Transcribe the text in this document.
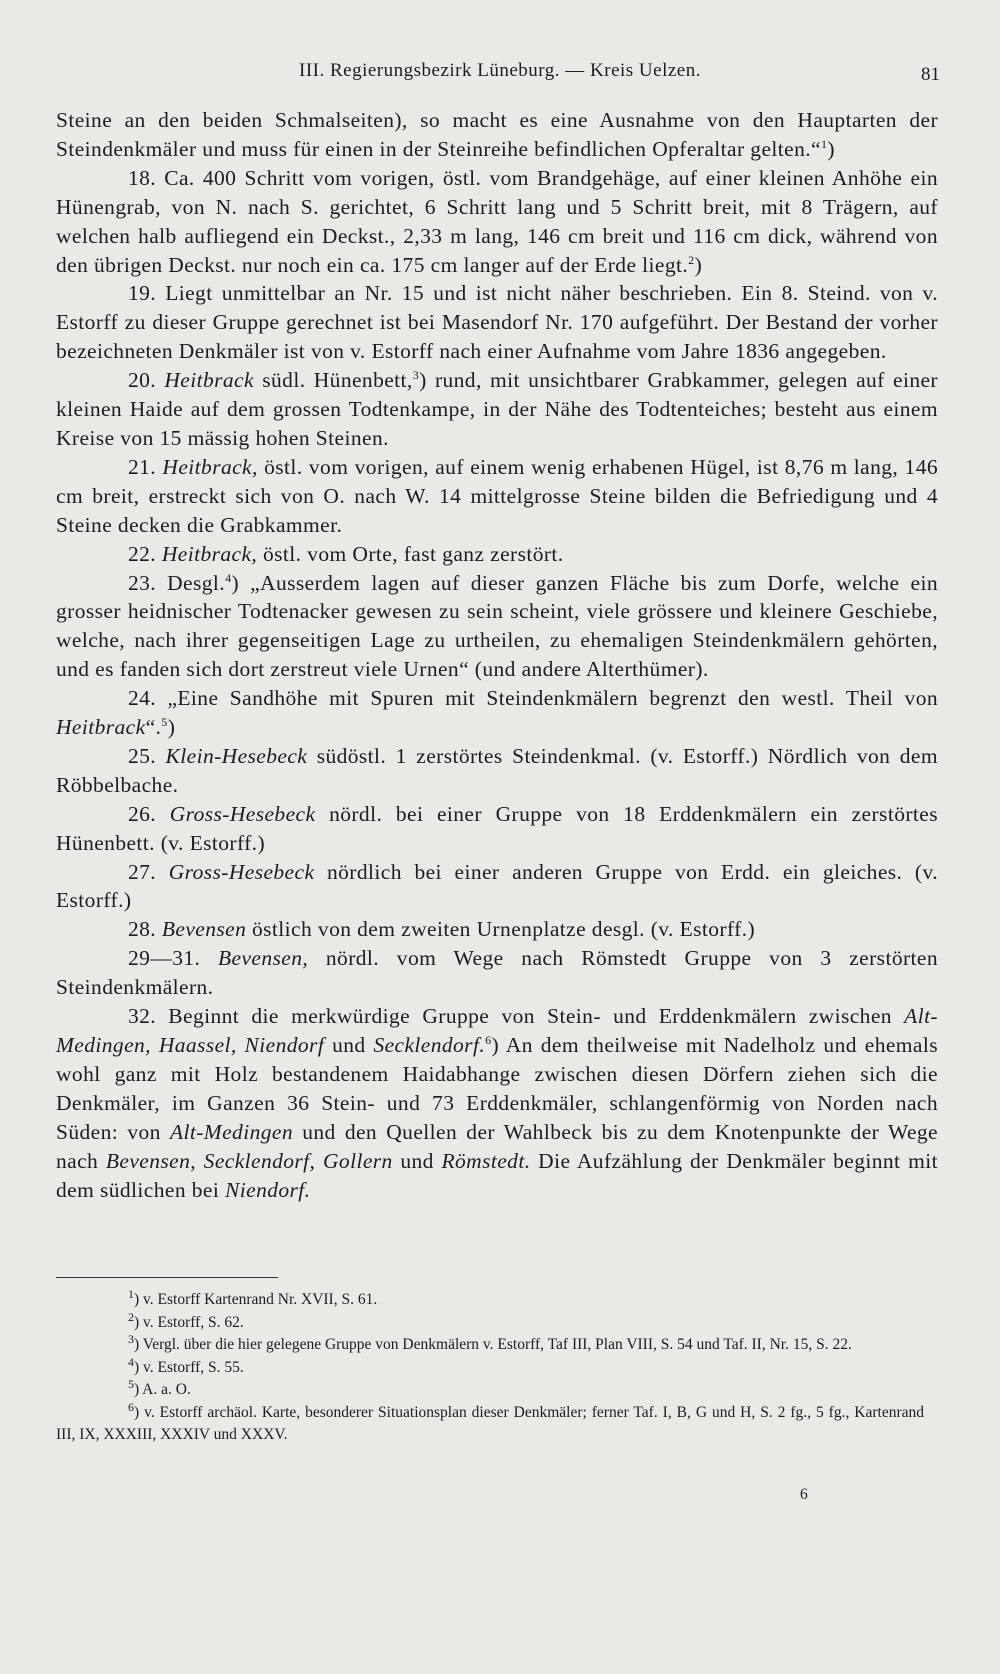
III. Regierungsbezirk Lüneburg. — Kreis Uelzen.	81

Steine an den beiden Schmalseiten), so macht es eine Ausnahme von den Hauptarten der Steindenkmäler und muss für einen in der Steinreihe befindlichen Opferaltar gelten.“$^1$)

18. Ca. 400 Schritt vom vorigen, östl. vom Brandgehäge, auf einer kleinen Anhöhe ein Hünengrab, von N. nach S. gerichtet, 6 Schritt lang und 5 Schritt breit, mit 8 Trägern, auf welchen halb aufliegend ein Deckst., 2,33 m lang, 146 cm breit und 116 cm dick, während von den übrigen Deckst. nur noch ein ca. 175 cm langer auf der Erde liegt.$^2$)

19. Liegt unmittelbar an Nr. 15 und ist nicht näher beschrieben. Ein 8. Steind. von v. Estorff zu dieser Gruppe gerechnet ist bei Masendorf Nr. 170 aufgeführt. Der Bestand der vorher bezeichneten Denkmäler ist von v. Estorff nach einer Aufnahme vom Jahre 1836 angegeben.

20. Heitbrack südl. Hünenbett,$^3$) rund, mit unsichtbarer Grabkammer, gelegen auf einer kleinen Haide auf dem grossen Todtenkampe, in der Nähe des Todtenteiches; besteht aus einem Kreise von 15 mässig hohen Steinen.

21. Heitbrack, östl. vom vorigen, auf einem wenig erhabenen Hügel, ist 8,76 m lang, 146 cm breit, erstreckt sich von O. nach W. 14 mittelgrosse Steine bilden die Befriedigung und 4 Steine decken die Grabkammer.

22. Heitbrack, östl. vom Orte, fast ganz zerstört.

23. Desgl.$^4$) „Ausserdem lagen auf dieser ganzen Fläche bis zum Dorfe, welche ein grosser heidnischer Todtenacker gewesen zu sein scheint, viele grössere und kleinere Geschiebe, welche, nach ihrer gegenseitigen Lage zu urtheilen, zu ehemaligen Steindenkmälern gehörten, und es fanden sich dort zerstreut viele Urnen“ (und andere Alterthümer).

24. „Eine Sandhöhe mit Spuren mit Steindenkmälern begrenzt den westl. Theil von Heitbrack“.$^5$)

25. Klein-Hesebeck südöstl. 1 zerstörtes Steindenkmal. (v. Estorff.) Nördlich von dem Röbbelbache.

26. Gross-Hesebeck nördl. bei einer Gruppe von 18 Erddenkmälern ein zerstörtes Hünenbett. (v. Estorff.)

27. Gross-Hesebeck nördlich bei einer anderen Gruppe von Erdd. ein gleiches. (v. Estorff.)

28. Bevensen östlich von dem zweiten Urnenplatze desgl. (v. Estorff.)

29—31. Bevensen, nördl. vom Wege nach Römstedt Gruppe von 3 zerstörten Steindenkmälern.

32. Beginnt die merkwürdige Gruppe von Stein- und Erddenkmälern zwischen Alt-Medingen, Haassel, Niendorf und Secklendorf.$^6$) An dem theilweise mit Nadelholz und ehemals wohl ganz mit Holz bestandenem Haidabhange zwischen diesen Dörfern ziehen sich die Denkmäler, im Ganzen 36 Stein- und 73 Erddenkmäler, schlangenförmig von Norden nach Süden: von Alt-Medingen und den Quellen der Wahlbeck bis zu dem Knotenpunkte der Wege nach Bevensen, Secklendorf, Gollern und Römstedt. Die Aufzählung der Denkmäler beginnt mit dem südlichen bei Niendorf.

$^1$) v. Estorff Kartenrand Nr. XVII, S. 61.

$^2$) v. Estorff, S. 62.

$^3$) Vergl. über die hier gelegene Gruppe von Denkmälern v. Estorff, Taf III, Plan VIII, S. 54 und Taf. II, Nr. 15, S. 22.

$^4$) v. Estorff, S. 55.

$^5$) A. a. O.

$^6$) v. Estorff archäol. Karte, besonderer Situationsplan dieser Denkmäler; ferner Taf. I, B, G und H, S. 2 fg., 5 fg., Kartenrand III, IX, XXXIII, XXXIV und XXXV.

6
